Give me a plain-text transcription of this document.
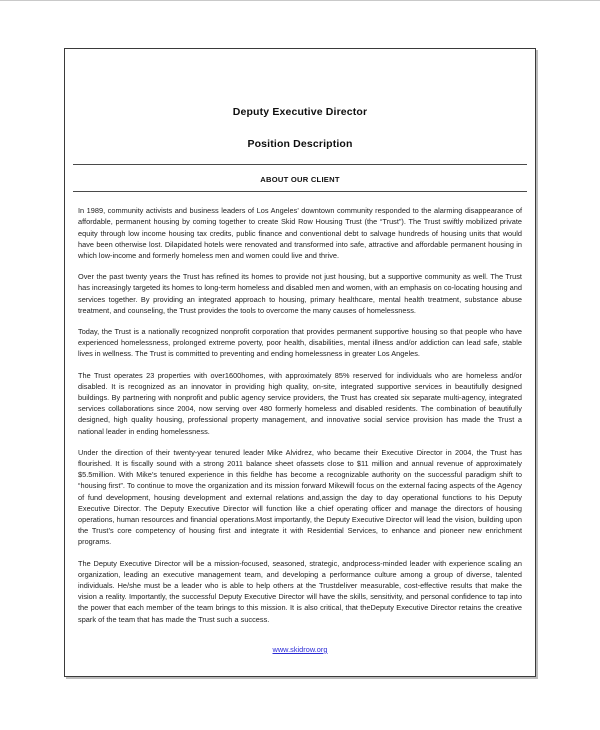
Deputy Executive Director
Position Description
ABOUT OUR CLIENT

In 1989, community activists and business leaders of Los Angeles’ downtown community responded to the alarming disappearance of affordable, permanent housing by coming together to create Skid Row Housing Trust (the “Trust”). The Trust swiftly mobilized private equity through low income housing tax credits, public finance and conventional debt to salvage hundreds of housing units that would have been otherwise lost. Dilapidated hotels were renovated and transformed into safe, attractive and affordable permanent housing in which low-income and formerly homeless men and women could live and thrive.

Over the past twenty years the Trust has refined its homes to provide not just housing, but a supportive community as well. The Trust has increasingly targeted its homes to long-term homeless and disabled men and women, with an emphasis on co-locating housing and services together. By providing an integrated approach to housing, primary healthcare, mental health treatment, substance abuse treatment, and counseling, the Trust provides the tools to overcome the many causes of homelessness.

Today, the Trust is a nationally recognized nonprofit corporation that provides permanent supportive housing so that people who have experienced homelessness, prolonged extreme poverty, poor health, disabilities, mental illness and/or addiction can lead safe, stable lives in wellness. The Trust is committed to preventing and ending homelessness in greater Los Angeles.

The Trust operates 23 properties with over1600homes, with approximately 85% reserved for individuals who are homeless and/or disabled. It is recognized as an innovator in providing high quality, on-site, integrated supportive services in beautifully designed buildings. By partnering with nonprofit and public agency service providers, the Trust has created six separate multi-agency, integrated services collaborations since 2004, now serving over 480 formerly homeless and disabled residents. The combination of beautifully designed, high quality housing, professional property management, and innovative social service provision has made the Trust a national leader in ending homelessness.

Under the direction of their twenty-year tenured leader Mike Alvidrez, who became their Executive Director in 2004, the Trust has flourished. It is fiscally sound with a strong 2011 balance sheet ofassets close to $11 million and annual revenue of approximately $5.5million. With Mike’s tenured experience in this fieldhe has become a recognizable authority on the successful paradigm shift to “housing first”. To continue to move the organization and its mission forward Mikewill focus on the external facing aspects of the Agency of fund development, housing development and external relations and,assign the day to day operational functions to his Deputy Executive Director. The Deputy Executive Director will function like a chief operating officer and manage the directors of housing operations, human resources and financial operations.Most importantly, the Deputy Executive Director will lead the vision, building upon the Trust’s core competency of housing first and integrate it with Residential Services, to enhance and pioneer new enrichment programs.

The Deputy Executive Director will be a mission-focused, seasoned, strategic, andprocess-minded leader with experience scaling an organization, leading an executive management team, and developing a performance culture among a group of diverse, talented individuals. He/she must be a leader who is able to help others at the Trustdeliver measurable, cost-effective results that make the vision a reality. Importantly, the successful Deputy Executive Director will have the skills, sensitivity, and personal confidence to tap into the power that each member of the team brings to this mission. It is also critical, that theDeputy Executive Director retains the creative spark of the team that has made the Trust such a success.

www.skidrow.org
